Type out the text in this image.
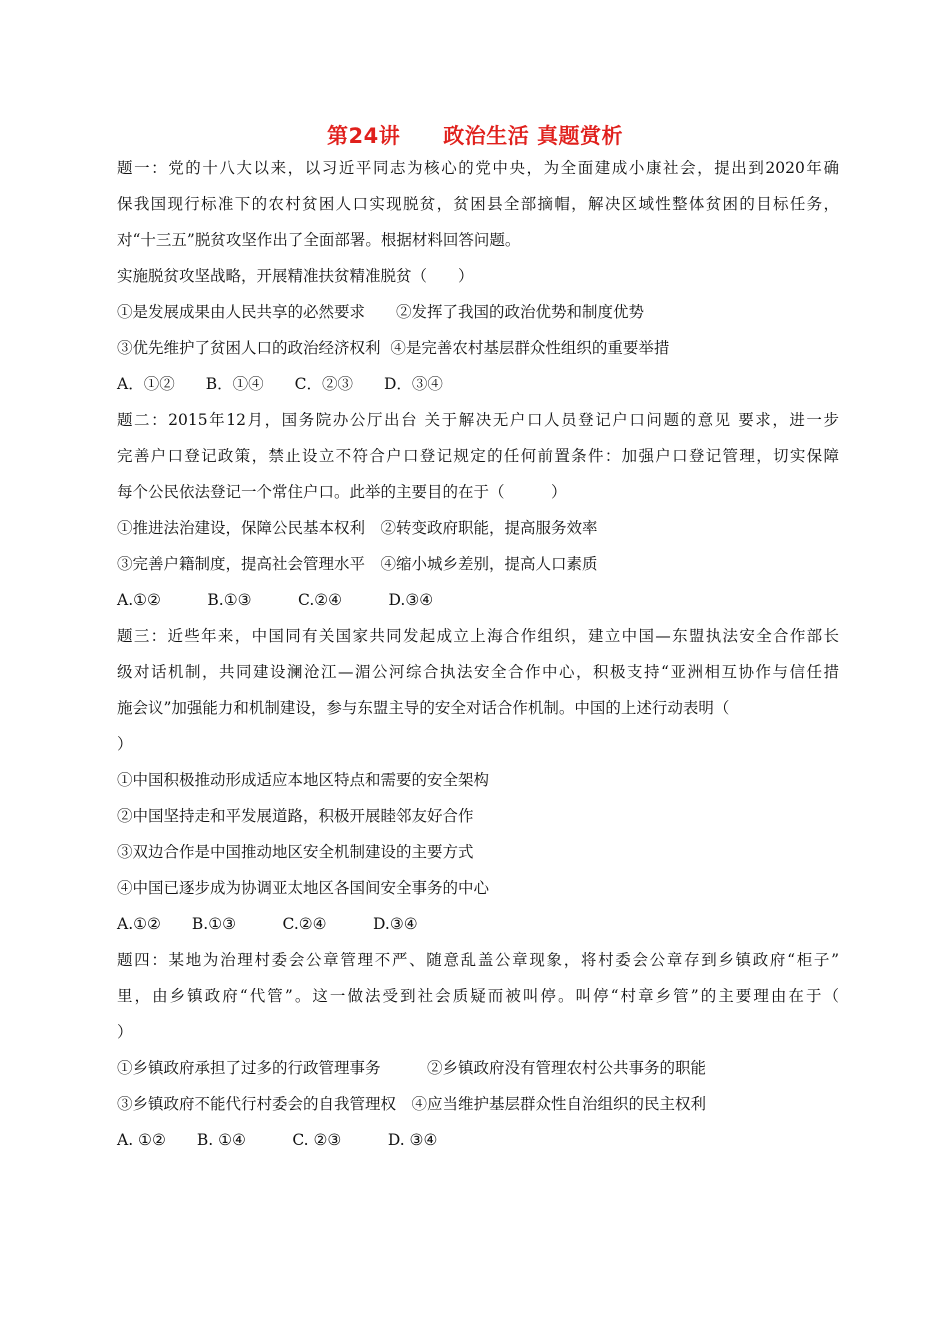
第24讲　　政治生活 真题赏析
题一：党的十八大以来，以习近平同志为核心的党中央，为全面建成小康社会，提出到2020年确
保我国现行标准下的农村贫困人口实现脱贫，贫困县全部摘帽，解决区域性整体贫困的目标任务，
对“十三五”脱贫攻坚作出了全面部署。根据材料回答问题。
实施脱贫攻坚战略，开展精准扶贫精准脱贫（　　）
①是发展成果由人民共享的必然要求　　②发挥了我国的政治优势和制度优势
③优先维护了贫困人口的政治经济权利  ④是完善农村基层群众性组织的重要举措
A．①②　　B．①④　　C．②③　　D．③④
题二：2015年12月，国务院办公厅出台 关于解决无户口人员登记户口问题的意见 要求，进一步
完善户口登记政策，禁止设立不符合户口登记规定的任何前置条件：加强户口登记管理，切实保障
每个公民依法登记一个常住户口。此举的主要目的在于（　　　）
①推进法治建设，保障公民基本权利　②转变政府职能，提高服务效率
③完善户籍制度，提高社会管理水平　④缩小城乡差别，提高人口素质
A.①②　　　B.①③　　　C.②④　　　D.③④
题三：近些年来，中国同有关国家共同发起成立上海合作组织，建立中国—东盟执法安全合作部长
级对话机制，共同建设澜沧江—湄公河综合执法安全合作中心，积极支持“亚洲相互协作与信任措
施会议”加强能力和机制建设，参与东盟主导的安全对话合作机制。中国的上述行动表明（
）
①中国积极推动形成适应本地区特点和需要的安全架构
②中国坚持走和平发展道路，积极开展睦邻友好合作
③双边合作是中国推动地区安全机制建设的主要方式
④中国已逐步成为协调亚太地区各国间安全事务的中心
A.①②　　B.①③　　　C.②④　　　D.③④
题四：某地为治理村委会公章管理不严、随意乱盖公章现象，将村委会公章存到乡镇政府“柜子”
里，由乡镇政府“代管”。这一做法受到社会质疑而被叫停。叫停“村章乡管”的主要理由在于（
）
①乡镇政府承担了过多的行政管理事务　　　②乡镇政府没有管理农村公共事务的职能
③乡镇政府不能代行村委会的自我管理权　④应当维护基层群众性自治组织的民主权利
A. ①②　　B. ①④　　　C. ②③　　　D. ③④
